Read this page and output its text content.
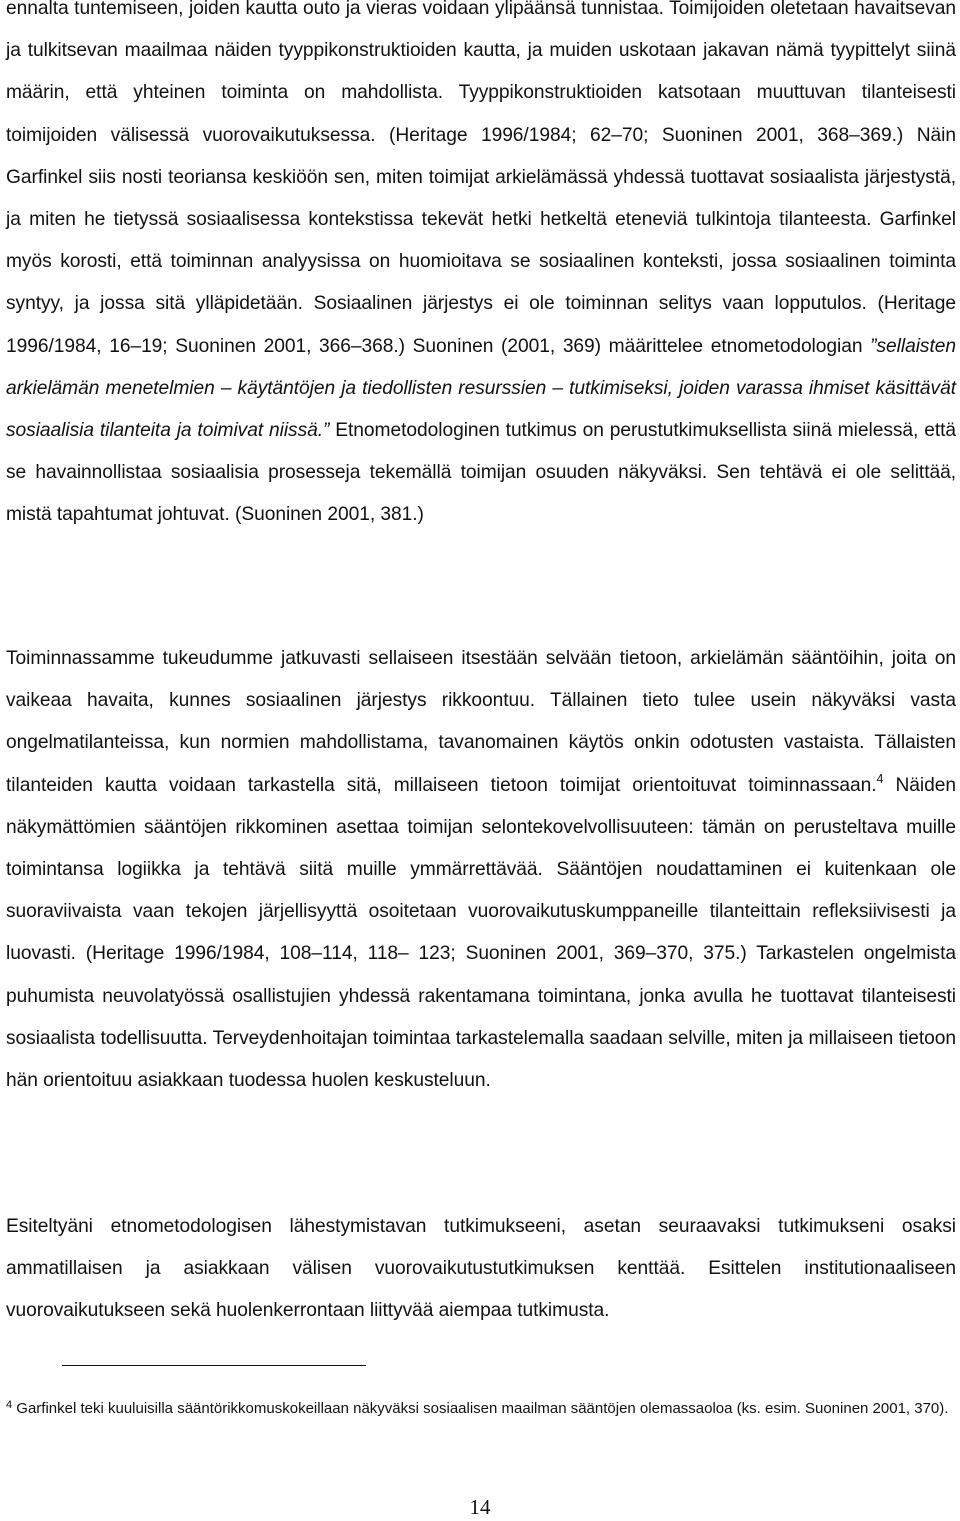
ennalta tuntemiseen, joiden kautta outo ja vieras voidaan ylipäänsä tunnistaa. Toimijoiden oletetaan havaitsevan ja tulkitsevan maailmaa näiden tyyppikonstruktioiden kautta, ja muiden uskotaan jakavan nämä tyypittelyt siinä määrin, että yhteinen toiminta on mahdollista. Tyyppikonstruktioiden katsotaan muuttuvan tilanteisesti toimijoiden välisessä vuorovaikutuksessa. (Heritage 1996/1984; 62–70; Suoninen 2001, 368–369.) Näin Garfinkel siis nosti teoriansa keskiöön sen, miten toimijat arkielämässä yhdessä tuottavat sosiaalista järjestystä, ja miten he tietyssä sosiaalisessa kontekstissa tekevät hetki hetkeltä eteneviä tulkintoja tilanteesta. Garfinkel myös korosti, että toiminnan analyysissa on huomioitava se sosiaalinen konteksti, jossa sosiaalinen toiminta syntyy, ja jossa sitä ylläpidetään. Sosiaalinen järjestys ei ole toiminnan selitys vaan lopputulos. (Heritage 1996/1984, 16–19; Suoninen 2001, 366–368.) Suoninen (2001, 369) määrittelee etnometodologian ”sellaisten arkielämän menetelmien – käytäntöjen ja tiedollisten resurssien – tutkimiseksi, joiden varassa ihmiset käsittävät sosiaalisia tilanteita ja toimivat niissä.” Etnometodologinen tutkimus on perustutkimuksellista siinä mielessä, että se havainnollistaa sosiaalisia prosesseja tekemällä toimijan osuuden näkyväksi. Sen tehtävä ei ole selittää, mistä tapahtumat johtuvat. (Suoninen 2001, 381.)

Toiminnassamme tukeudumme jatkuvasti sellaiseen itsestään selvään tietoon, arkielämän sääntöihin, joita on vaikeaa havaita, kunnes sosiaalinen järjestys rikkoontuu. Tällainen tieto tulee usein näkyväksi vasta ongelmatilanteissa, kun normien mahdollistama, tavanomainen käytös onkin odotusten vastaista. Tällaisten tilanteiden kautta voidaan tarkastella sitä, millaiseen tietoon toimijat orientoituvat toiminnassaan.$^4$ Näiden näkymättömien sääntöjen rikkominen asettaa toimijan selontekovelvollisuuteen: tämän on perusteltava muille toimintansa logiikka ja tehtävä siitä muille ymmärrettävää. Sääntöjen noudattaminen ei kuitenkaan ole suoraviivaista vaan tekojen järjellisyyttä osoitetaan vuorovaikutuskumppaneille tilanteittain refleksiivisesti ja luovasti. (Heritage 1996/1984, 108–114, 118– 123; Suoninen 2001, 369–370, 375.) Tarkastelen ongelmista puhumista neuvolatyössä osallistujien yhdessä rakentamana toimintana, jonka avulla he tuottavat tilanteisesti sosiaalista todellisuutta. Terveydenhoitajan toimintaa tarkastelemalla saadaan selville, miten ja millaiseen tietoon hän orientoituu asiakkaan tuodessa huolen keskusteluun.

Esiteltyäni etnometodologisen lähestymistavan tutkimukseeni, asetan seuraavaksi tutkimukseni osaksi ammatillaisen ja asiakkaan välisen vuorovaikutustutkimuksen kenttää. Esittelen institutionaaliseen vuorovaikutukseen sekä huolenkerrontaan liittyvää aiempaa tutkimusta.

$^4$ Garfinkel teki kuuluisilla sääntörikkomuskokeillaan näkyväksi sosiaalisen maailman sääntöjen olemassaoloa (ks. esim. Suoninen 2001, 370).

14
